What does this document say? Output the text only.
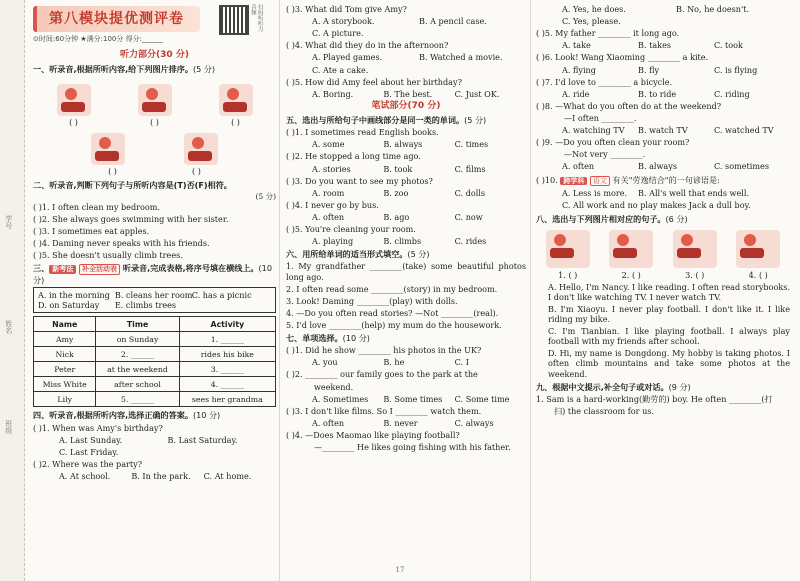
学号
姓名
班级
第八模块提优测评卷	扫码听听力音频
⊙时间:60分钟 ★满分:100分 得分:______
听力部分(30 分)
一、听录音,根据所听内容,给下列图片排序。(5 分)
( )	( )	( )
( )	( )
二、听录音,判断下列句子与所听内容是(T)否(F)相符。
(5 分)
( )1. I often clean my bedroom.
( )2. She always goes swimming with her sister.
( )3. I sometimes eat apples.
( )4. Daming never speaks with his friends.
( )5. She doesn't usually climb trees.
三、 新考法 补全活动表 听录音,完成表格,将序号填在横线上。(10 分)
A. in the morning B. cleans her room C. has a picnic
D. on Saturday	E. climbs trees
Name	Time	Activity
Amy	on Sunday	1. ______
Nick	2. ______	rides his bike
Peter	at the weekend	3. ______
Miss White	after school	4. ______
Lily	5. ______	sees her grandma
四、听录音,根据所听内容,选择正确的答案。(10 分)
( )1. When was Amy's birthday?
A. Last Sunday.	B. Last Saturday.
C. Last Friday.
( )2. Where was the party?
A. At school.	B. In the park.	C. At home.
( )3. What did Tom give Amy?
A. A storybook.	B. A pencil case.
C. A picture.
( )4. What did they do in the afternoon?
A. Played games.	B. Watched a movie.
C. Ate a cake.
( )5. How did Amy feel about her birthday?
A. Boring.	B. The best.	C. Just OK.
笔试部分(70 分)
五、选出与所给句子中画线部分是同一类的单词。(5 分)
( )1. I sometimes read English books.
A. some	B. always	C. times
( )2. He stopped a long time ago.
A. stories	B. took	C. films
( )3. Do you want to see my photos?
A. room	B. zoo	C. dolls
( )4. I never go by bus.
A. often	B. ago	C. now
( )5. You're cleaning your room.
A. playing	B. climbs	C. rides
六、用所给单词的适当形式填空。(5 分)
1. My grandfather ________(take) some beautiful photos long ago.
2. I often read some ________(story) in my bedroom.
3. Look! Daming ________(play) with dolls.
4. —Do you often read stories? —Not ________(real).
5. I'd love ________(help) my mum do the housework.
七、单项选择。(10 分)
( )1. Did he show ________ his photos in the UK?
A. you	B. he	C. I
( )2. ________ our family goes to the park at the
weekend.
A. Sometimes	B. Some times	C. Some time
( )3. I don't like films. So I ________ watch them.
A. often	B. never	C. always
( )4. —Does Maomao like playing football?
—________ He likes going fishing with his father.
A. Yes, he does.	B. No, he doesn't.
C. Yes, please.
( )5. My father ________ it long ago.
A. take	B. takes	C. took
( )6. Look! Wang Xiaoming ________ a kite.
A. flying	B. fly	C. is flying
( )7. I'd love to ________ a bicycle.
A. ride	B. to ride	C. riding
( )8. —What do you often do at the weekend?
—I often ________.
A. watching TV	B. watch TV	C. watched TV
( )9. —Do you often clean your room?
—Not very ________.
A. often	B. always	C. sometimes
( )10. 跨学科 语文 有关"劳逸结合"的一句谚语是:
A. Less is more.	B. All's well that ends well.
C. All work and no play makes Jack a dull boy.
八、选出与下列图片相对应的句子。(6 分)
1. ( )	2. ( )	3. ( )	4. ( )
A. Hello, I'm Nancy. I like reading. I often read storybooks. I don't like watching TV. I never watch TV.
B. I'm Xiaoyu. I never play football. I don't like it. I like riding my bike.
C. I'm Tianbian. I like playing football. I always play football with my friends after school.
D. Hi, my name is Dongdong. My hobby is taking photos. I often climb mountains and take some photos at the weekend.
九、根据中文提示,补全句子或对话。(9 分)
1. Sam is a hard-working(勤劳的) boy. He often ________(打
扫) the classroom for us.
17
